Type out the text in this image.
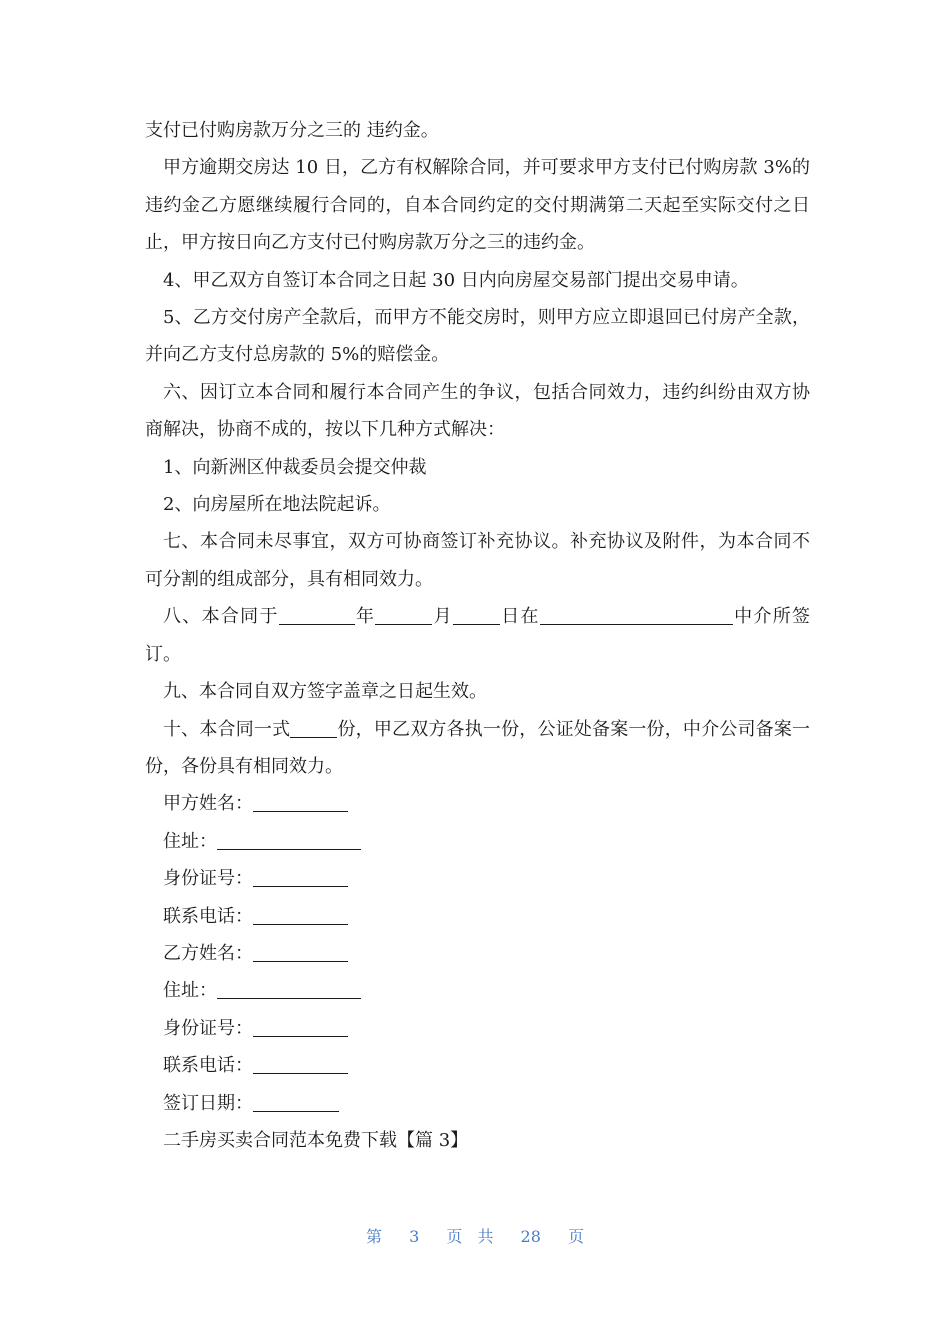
支付已付购房款万分之三的 违约金。

甲方逾期交房达 10 日，乙方有权解除合同，并可要求甲方支付已付购房款 3%的违约金乙方愿继续履行合同的，自本合同约定的交付期满第二天起至实际交付之日止，甲方按日向乙方支付已付购房款万分之三的违约金。

4、甲乙双方自签订本合同之日起 30 日内向房屋交易部门提出交易申请。

5、乙方交付房产全款后，而甲方不能交房时，则甲方应立即退回已付房产全款，并向乙方支付总房款的 5%的赔偿金。

六、因订立本合同和履行本合同产生的争议，包括合同效力，违约纠纷由双方协商解决，协商不成的，按以下几种方式解决：

1、向新洲区仲裁委员会提交仲裁

2、向房屋所在地法院起诉。

七、本合同未尽事宜，双方可协商签订补充协议。补充协议及附件，为本合同不可分割的组成部分，具有相同效力。

八、本合同于	年	月	日在	中介所签订。

九、本合同自双方签字盖章之日起生效。

十、本合同一式	份，甲乙双方各执一份，公证处备案一份，中介公司备案一份，各份具有相同效力。

甲方姓名：

住址：

身份证号：

联系电话：

乙方姓名：

住址：

身份证号：

联系电话：

签订日期：

二手房买卖合同范本免费下载【篇 3】

第 3 页 共 28 页
